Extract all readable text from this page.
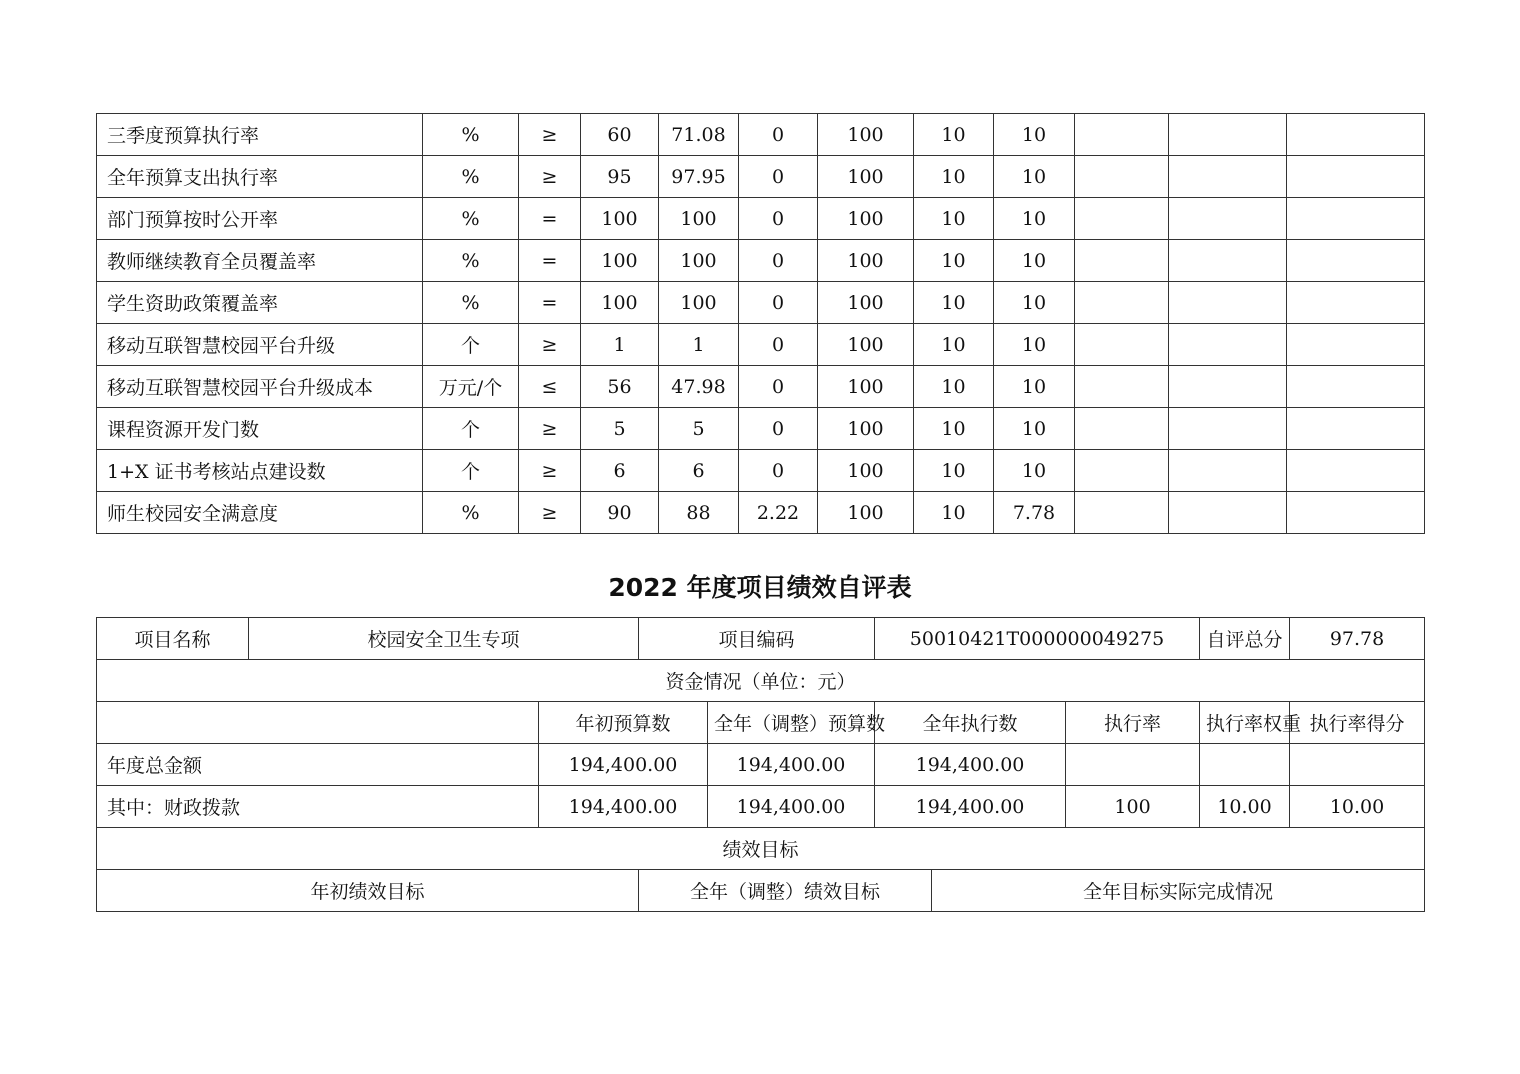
三季度预算执行率	%	≥	60	71.08	0	100	10	10			
全年预算支出执行率	%	≥	95	97.95	0	100	10	10			
部门预算按时公开率	%	=	100	100	0	100	10	10			
教师继续教育全员覆盖率	%	=	100	100	0	100	10	10			
学生资助政策覆盖率	%	=	100	100	0	100	10	10			
移动互联智慧校园平台升级	个	≥	1	1	0	100	10	10			
移动互联智慧校园平台升级成本	万元/个	≤	56	47.98	0	100	10	10			
课程资源开发门数	个	≥	5	5	0	100	10	10			
1+X 证书考核站点建设数	个	≥	6	6	0	100	10	10			
师生校园安全满意度	%	≥	90	88	2.22	100	10	7.78			
2022 年度项目绩效自评表
项目名称	校园安全卫生专项		项目编码		50010421T000000049275			自评总分	97.78
资金情况（单位：元）									
		年初预算数		全年（调整）预算数	全年执行数		执行率	执行率权重	执行率得分
年度总金额		194,400.00		194,400.00	194,400.00				
其中：财政拨款		194,400.00		194,400.00	194,400.00		100	10.00	10.00
绩效目标									
年初绩效目标			全年（调整）绩效目标			全年目标实际完成情况			
